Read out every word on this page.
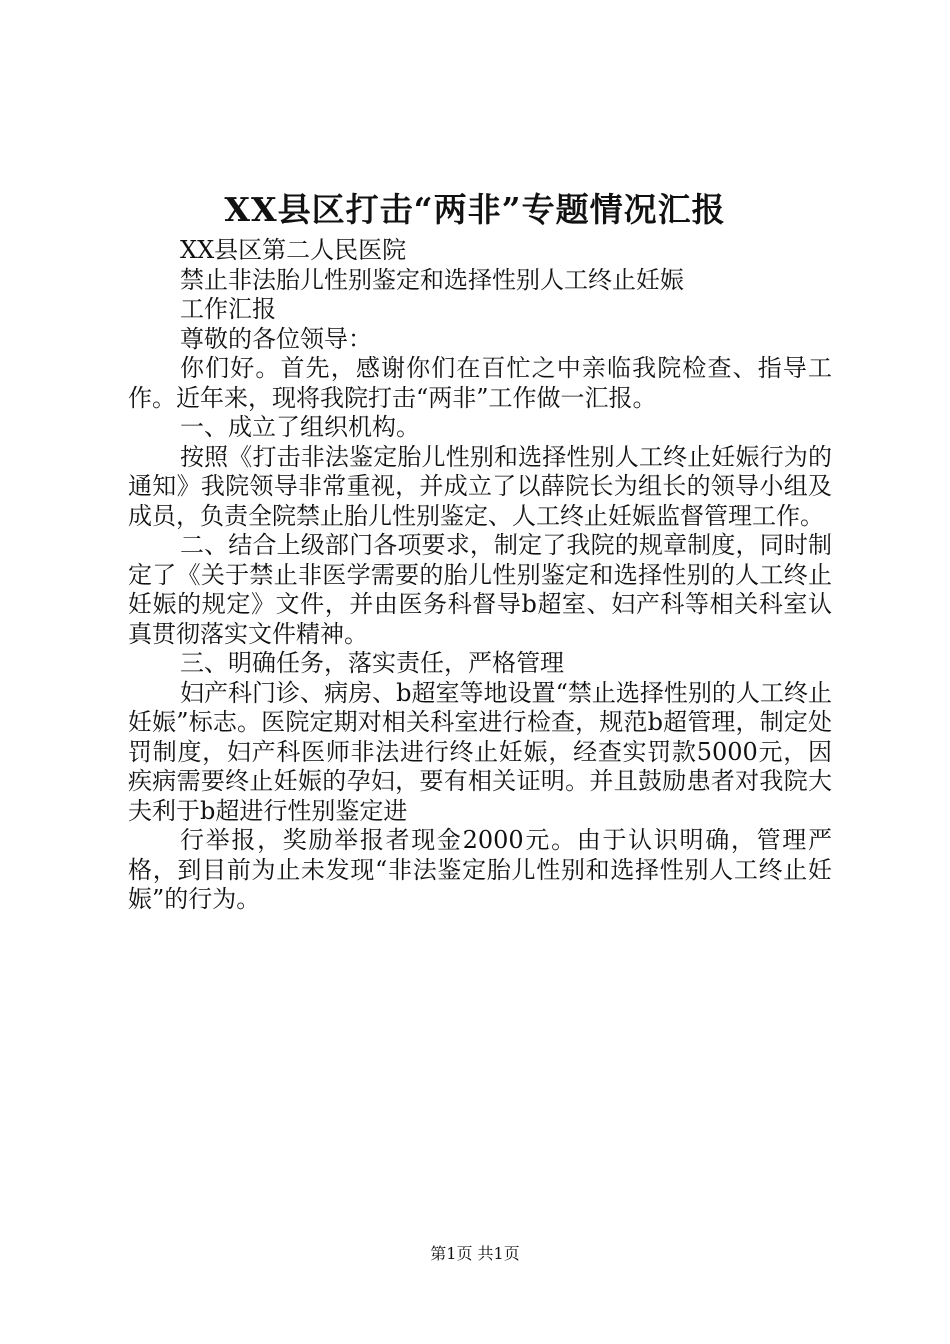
XX县区打击“两非”专题情况汇报

XX县区第二人民医院

禁止非法胎儿性别鉴定和选择性别人工终止妊娠

工作汇报

尊敬的各位领导：

你们好。首先，感谢你们在百忙之中亲临我院检查、指导工作。近年来，现将我院打击“两非”工作做一汇报。

一、成立了组织机构。

按照《打击非法鉴定胎儿性别和选择性别人工终止妊娠行为的通知》我院领导非常重视，并成立了以薛院长为组长的领导小组及成员，负责全院禁止胎儿性别鉴定、人工终止妊娠监督管理工作。

二、结合上级部门各项要求，制定了我院的规章制度，同时制定了《关于禁止非医学需要的胎儿性别鉴定和选择性别的人工终止妊娠的规定》文件，并由医务科督导b超室、妇产科等相关科室认真贯彻落实文件精神。

三、明确任务，落实责任，严格管理

妇产科门诊、病房、b超室等地设置“禁止选择性别的人工终止妊娠”标志。医院定期对相关科室进行检查，规范b超管理，制定处罚制度，妇产科医师非法进行终止妊娠，经查实罚款5000元，因疾病需要终止妊娠的孕妇，要有相关证明。并且鼓励患者对我院大夫利于b超进行性别鉴定进

行举报，奖励举报者现金2000元。由于认识明确，管理严格，到目前为止未发现“非法鉴定胎儿性别和选择性别人工终止妊娠”的行为。

第1页 共1页
